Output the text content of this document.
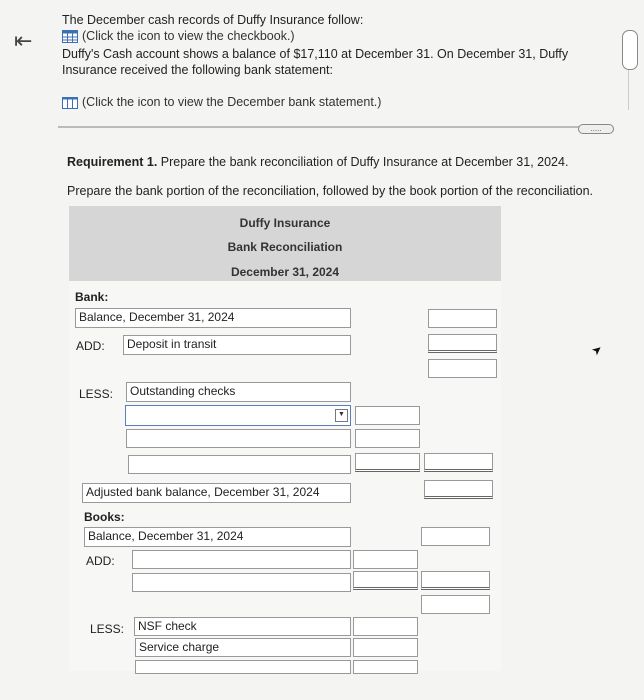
⇤
The December cash records of Duffy Insurance follow:
(Click the icon to view the checkbook.)
Duffy's Cash account shows a balance of $17,110 at December 31. On December 31, Duffy
Insurance received the following bank statement:
(Click the icon to view the December bank statement.)
.....
Requirement 1. Prepare the bank reconciliation of Duffy Insurance at December 31, 2024.
Prepare the bank portion of the reconciliation, followed by the book portion of the reconciliation.
Duffy Insurance
Bank Reconciliation
December 31, 2024
Bank:
Balance, December 31, 2024
ADD:	Deposit in transit
LESS:	Outstanding checks
▼
Adjusted bank balance, December 31, 2024
Books:
Balance, December 31, 2024
ADD:
LESS:	NSF check
Service charge
➤
